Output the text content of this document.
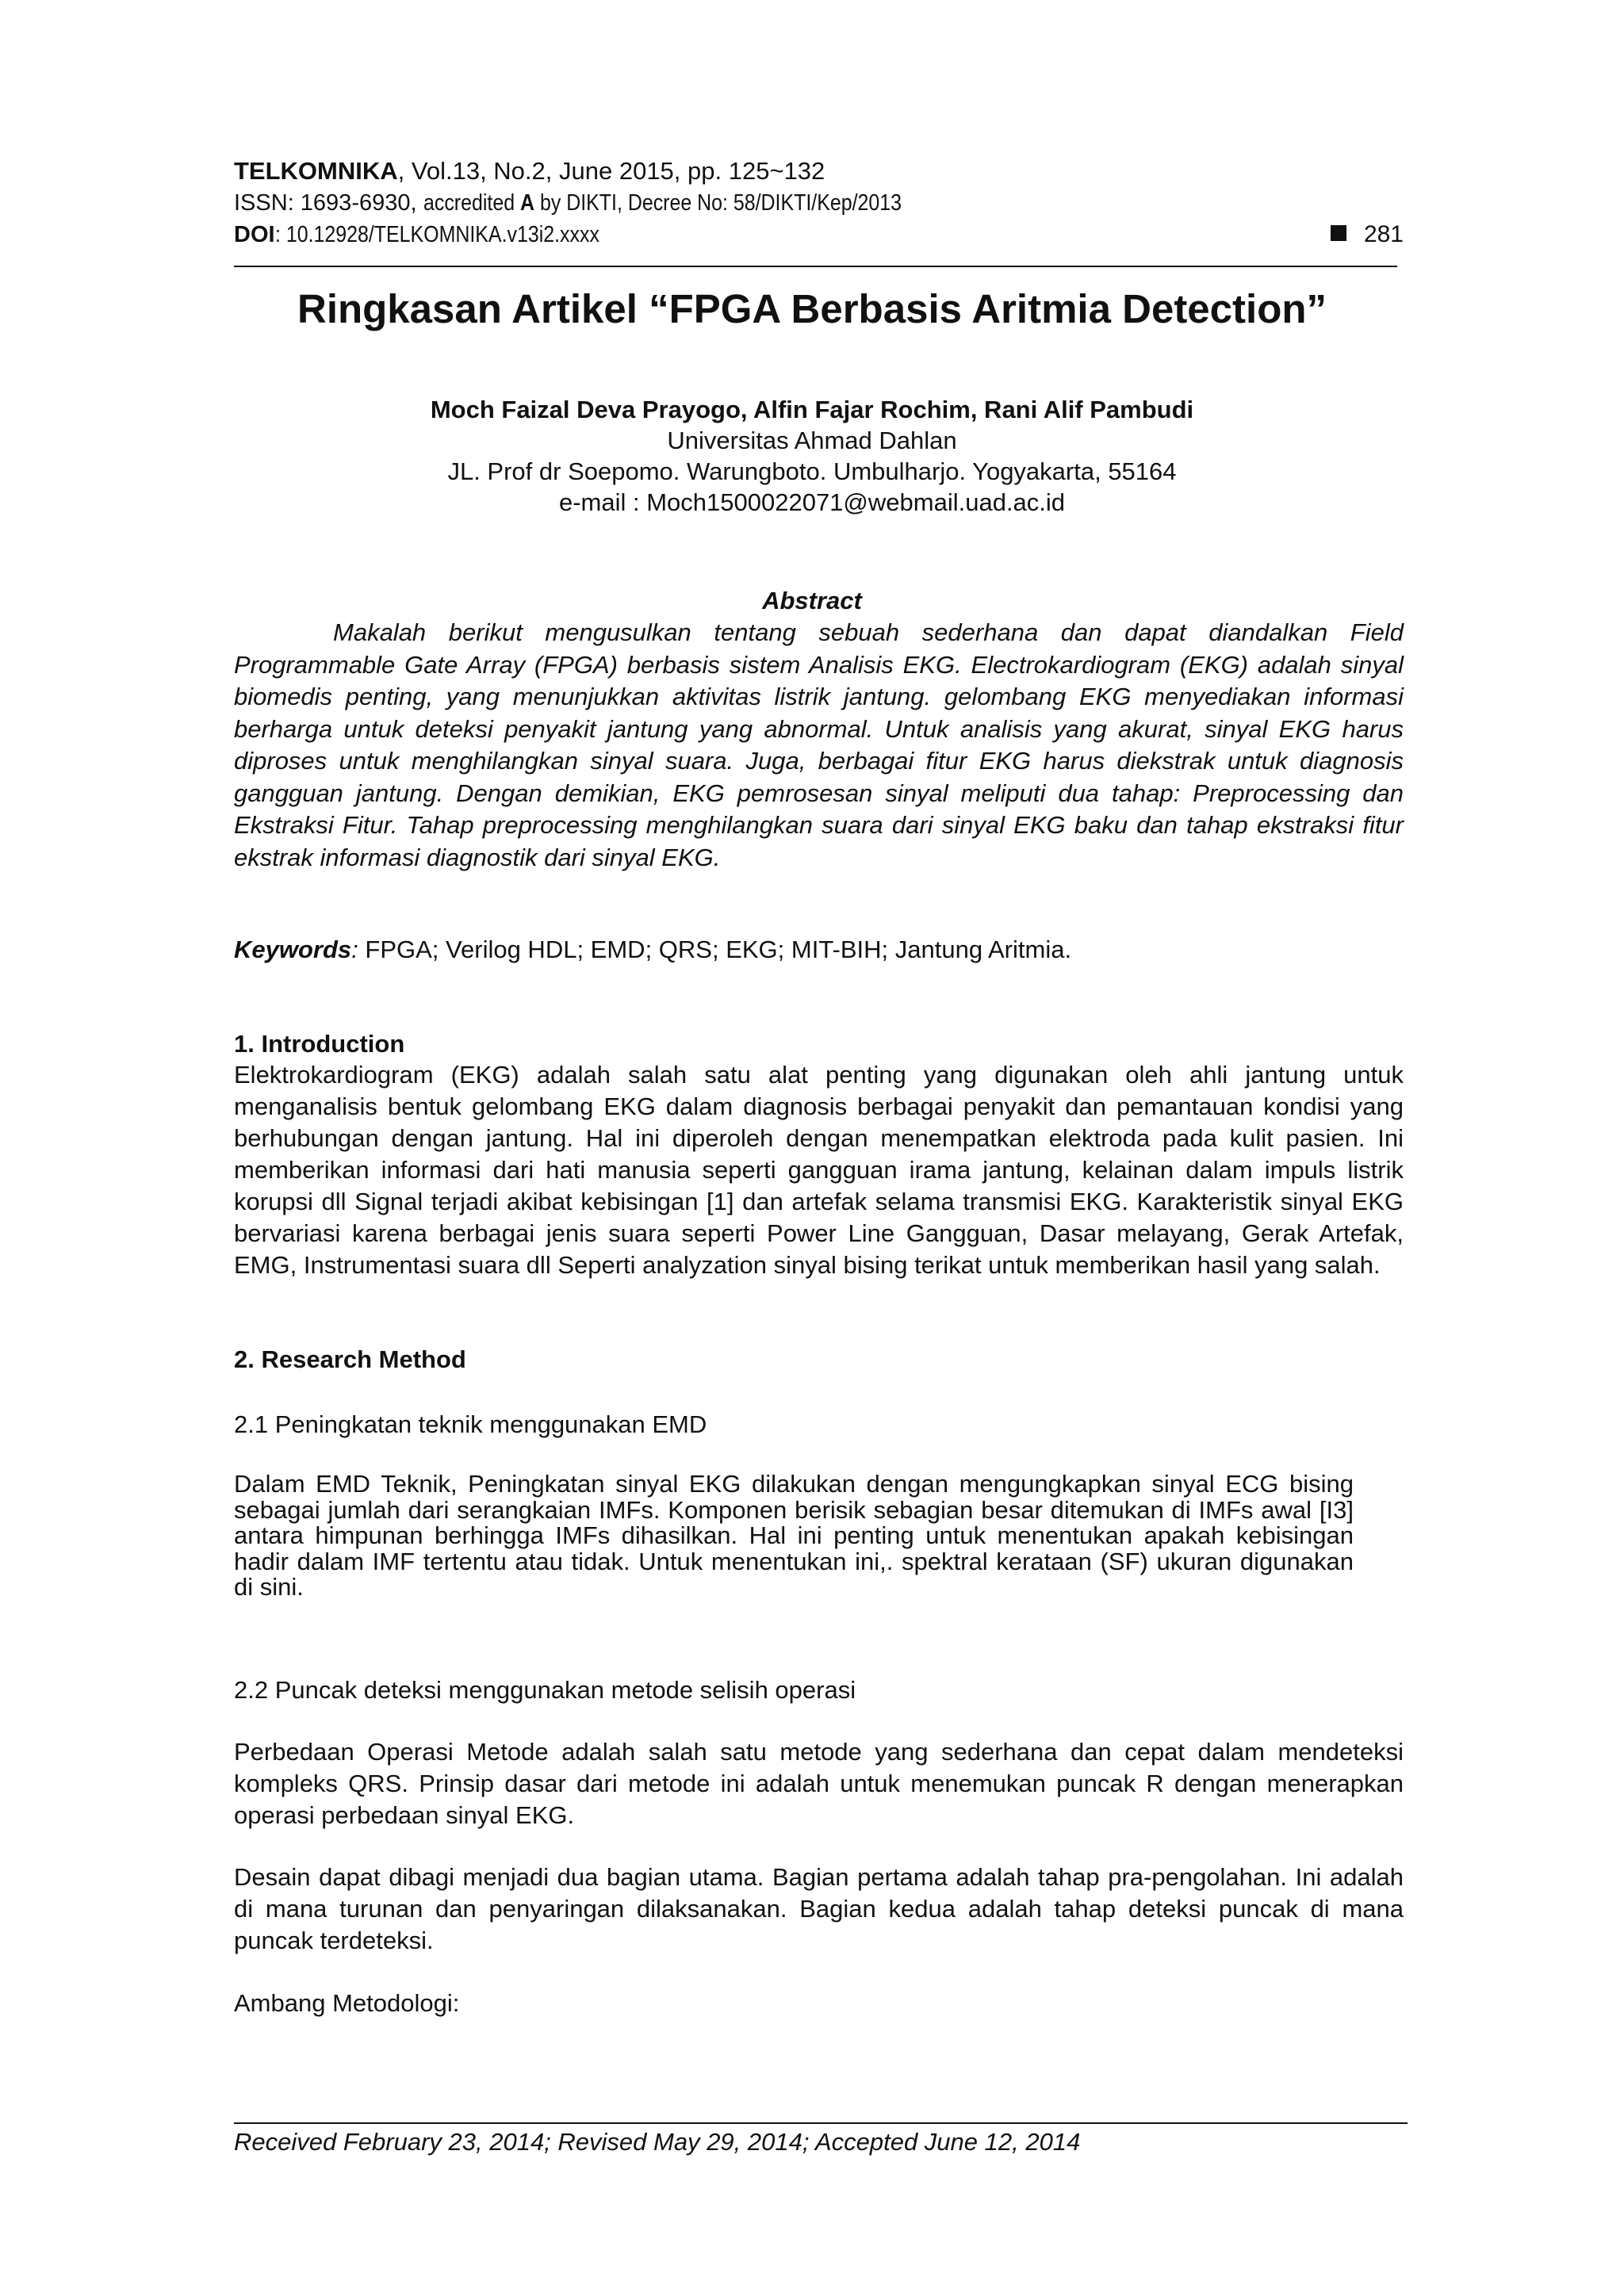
TELKOMNIKA, Vol.13, No.2, June 2015, pp. 125~132
ISSN: 1693-6930, accredited A by DIKTI, Decree No: 58/DIKTI/Kep/2013
DOI: 10.12928/TELKOMNIKA.v13i2.xxxx	281
Ringkasan Artikel “FPGA Berbasis Aritmia Detection”
Moch Faizal Deva Prayogo, Alfin Fajar Rochim, Rani Alif Pambudi
Universitas Ahmad Dahlan
JL. Prof dr Soepomo. Warungboto. Umbulharjo. Yogyakarta, 55164
e-mail : Moch1500022071@webmail.uad.ac.id
Abstract

Makalah berikut mengusulkan tentang sebuah sederhana dan dapat diandalkan Field Programmable Gate Array (FPGA) berbasis sistem Analisis EKG. Electrokardiogram (EKG) adalah sinyal biomedis penting, yang menunjukkan aktivitas listrik jantung. gelombang EKG menyediakan informasi berharga untuk deteksi penyakit jantung yang abnormal. Untuk analisis yang akurat, sinyal EKG harus diproses untuk menghilangkan sinyal suara. Juga, berbagai fitur EKG harus diekstrak untuk diagnosis gangguan jantung. Dengan demikian, EKG pemrosesan sinyal meliputi dua tahap: Preprocessing dan Ekstraksi Fitur. Tahap preprocessing menghilangkan suara dari sinyal EKG baku dan tahap ekstraksi fitur ekstrak informasi diagnostik dari sinyal EKG.

Keywords: FPGA; Verilog HDL; EMD; QRS; EKG; MIT-BIH; Jantung Aritmia.
1. Introduction

Elektrokardiogram (EKG) adalah salah satu alat penting yang digunakan oleh ahli jantung untuk menganalisis bentuk gelombang EKG dalam diagnosis berbagai penyakit dan pemantauan kondisi yang berhubungan dengan jantung. Hal ini diperoleh dengan menempatkan elektroda pada kulit pasien. Ini memberikan informasi dari hati manusia seperti gangguan irama jantung, kelainan dalam impuls listrik korupsi dll Signal terjadi akibat kebisingan [1] dan artefak selama transmisi EKG. Karakteristik sinyal EKG bervariasi karena berbagai jenis suara seperti Power Line Gangguan, Dasar melayang, Gerak Artefak, EMG, Instrumentasi suara dll Seperti analyzation sinyal bising terikat untuk memberikan hasil yang salah.

2. Research Method
2.1 Peningkatan teknik menggunakan EMD

Dalam EMD Teknik, Peningkatan sinyal EKG dilakukan dengan mengungkapkan sinyal ECG bising sebagai jumlah dari serangkaian IMFs. Komponen berisik sebagian besar ditemukan di IMFs awal [I3] antara himpunan berhingga IMFs dihasilkan. Hal ini penting untuk menentukan apakah kebisingan hadir dalam IMF tertentu atau tidak. Untuk menentukan ini,. spektral kerataan (SF) ukuran digunakan di sini.

2.2 Puncak deteksi menggunakan metode selisih operasi

Perbedaan Operasi Metode adalah salah satu metode yang sederhana dan cepat dalam mendeteksi kompleks QRS. Prinsip dasar dari metode ini adalah untuk menemukan puncak R dengan menerapkan operasi perbedaan sinyal EKG.

Desain dapat dibagi menjadi dua bagian utama. Bagian pertama adalah tahap pra-pengolahan. Ini adalah di mana turunan dan penyaringan dilaksanakan. Bagian kedua adalah tahap deteksi puncak di mana puncak terdeteksi.

Ambang Metodologi:
Received February 23, 2014; Revised May 29, 2014; Accepted June 12, 2014
